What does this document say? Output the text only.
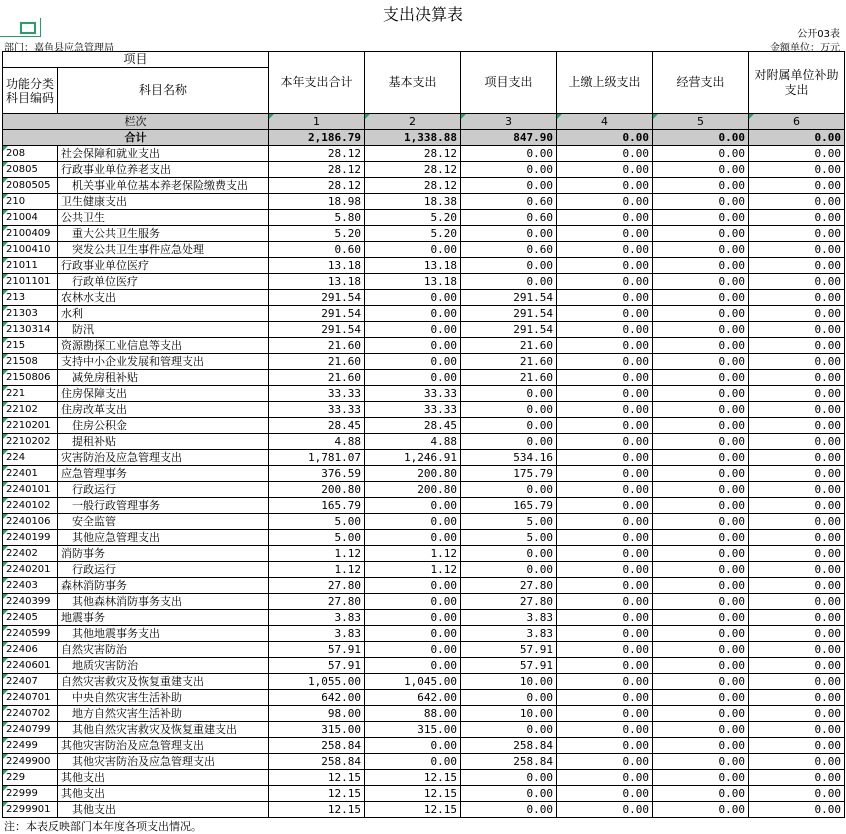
支出决算表
公开03表
部门：嘉鱼县应急管理局	金额单位：万元
项目		本年支出合计	基本支出	项目支出	上缴上级支出	经营支出	对附属单位补助支出
功能分类科目编码	科目名称						
栏次		1	2	3	4	5	6
合计		2,186.79	1,338.88	847.90	0.00	0.00	0.00
208	社会保障和就业支出	28.12	28.12	0.00	0.00	0.00	0.00
20805	行政事业单位养老支出	28.12	28.12	0.00	0.00	0.00	0.00
2080505	机关事业单位基本养老保险缴费支出	28.12	28.12	0.00	0.00	0.00	0.00
210	卫生健康支出	18.98	18.38	0.60	0.00	0.00	0.00
21004	公共卫生	5.80	5.20	0.60	0.00	0.00	0.00
2100409	重大公共卫生服务	5.20	5.20	0.00	0.00	0.00	0.00
2100410	突发公共卫生事件应急处理	0.60	0.00	0.60	0.00	0.00	0.00
21011	行政事业单位医疗	13.18	13.18	0.00	0.00	0.00	0.00
2101101	行政单位医疗	13.18	13.18	0.00	0.00	0.00	0.00
213	农林水支出	291.54	0.00	291.54	0.00	0.00	0.00
21303	水利	291.54	0.00	291.54	0.00	0.00	0.00
2130314	防汛	291.54	0.00	291.54	0.00	0.00	0.00
215	资源勘探工业信息等支出	21.60	0.00	21.60	0.00	0.00	0.00
21508	支持中小企业发展和管理支出	21.60	0.00	21.60	0.00	0.00	0.00
2150806	减免房租补贴	21.60	0.00	21.60	0.00	0.00	0.00
221	住房保障支出	33.33	33.33	0.00	0.00	0.00	0.00
22102	住房改革支出	33.33	33.33	0.00	0.00	0.00	0.00
2210201	住房公积金	28.45	28.45	0.00	0.00	0.00	0.00
2210202	提租补贴	4.88	4.88	0.00	0.00	0.00	0.00
224	灾害防治及应急管理支出	1,781.07	1,246.91	534.16	0.00	0.00	0.00
22401	应急管理事务	376.59	200.80	175.79	0.00	0.00	0.00
2240101	行政运行	200.80	200.80	0.00	0.00	0.00	0.00
2240102	一般行政管理事务	165.79	0.00	165.79	0.00	0.00	0.00
2240106	安全监管	5.00	0.00	5.00	0.00	0.00	0.00
2240199	其他应急管理支出	5.00	0.00	5.00	0.00	0.00	0.00
22402	消防事务	1.12	1.12	0.00	0.00	0.00	0.00
2240201	行政运行	1.12	1.12	0.00	0.00	0.00	0.00
22403	森林消防事务	27.80	0.00	27.80	0.00	0.00	0.00
2240399	其他森林消防事务支出	27.80	0.00	27.80	0.00	0.00	0.00
22405	地震事务	3.83	0.00	3.83	0.00	0.00	0.00
2240599	其他地震事务支出	3.83	0.00	3.83	0.00	0.00	0.00
22406	自然灾害防治	57.91	0.00	57.91	0.00	0.00	0.00
2240601	地质灾害防治	57.91	0.00	57.91	0.00	0.00	0.00
22407	自然灾害救灾及恢复重建支出	1,055.00	1,045.00	10.00	0.00	0.00	0.00
2240701	中央自然灾害生活补助	642.00	642.00	0.00	0.00	0.00	0.00
2240702	地方自然灾害生活补助	98.00	88.00	10.00	0.00	0.00	0.00
2240799	其他自然灾害救灾及恢复重建支出	315.00	315.00	0.00	0.00	0.00	0.00
22499	其他灾害防治及应急管理支出	258.84	0.00	258.84	0.00	0.00	0.00
2249900	其他灾害防治及应急管理支出	258.84	0.00	258.84	0.00	0.00	0.00
229	其他支出	12.15	12.15	0.00	0.00	0.00	0.00
22999	其他支出	12.15	12.15	0.00	0.00	0.00	0.00
2299901	其他支出	12.15	12.15	0.00	0.00	0.00	0.00
注：本表反映部门本年度各项支出情况。
